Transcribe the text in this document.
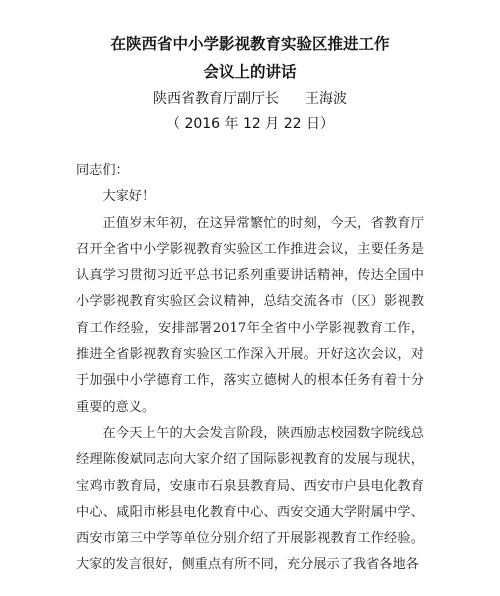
在陕西省中小学影视教育实验区推进工作
会议上的讲话
陕西省教育厅副厅长 王海波
（ 2016 年 12 月 22 日）

同志们：

大家好！

正值岁末年初，在这异常繁忙的时刻，今天，省教育厅召开全省中小学影视教育实验区工作推进会议，主要任务是认真学习贯彻习近平总书记系列重要讲话精神，传达全国中小学影视教育实验区会议精神，总结交流各市（区）影视教育工作经验，安排部署2017年全省中小学影视教育工作，推进全省影视教育实验区工作深入开展。开好这次会议，对于加强中小学德育工作，落实立德树人的根本任务有着十分重要的意义。

在今天上午的大会发言阶段，陕西励志校园数字院线总经理陈俊斌同志向大家介绍了国际影视教育的发展与现状，宝鸡市教育局，安康市石泉县教育局、西安市户县电化教育中心、咸阳市彬县电化教育中心、西安交通大学附属中学、西安市第三中学等单位分别介绍了开展影视教育工作经验。大家的发言很好，侧重点有所不同，充分展示了我省各地各
